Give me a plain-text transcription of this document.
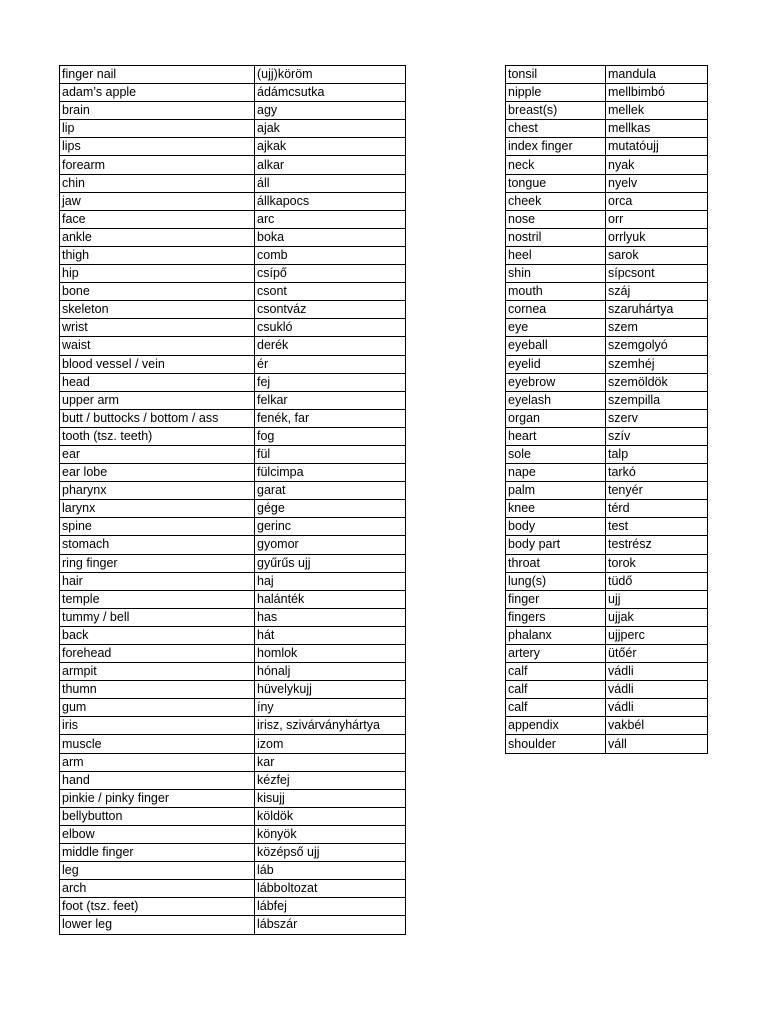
finger nail	(ujj)köröm
adam’s apple	ádámcsutka
brain	agy
lip	ajak
lips	ajkak
forearm	alkar
chin	áll
jaw	állkapocs
face	arc
ankle	boka
thigh	comb
hip	csípő
bone	csont
skeleton	csontváz
wrist	csukló
waist	derék
blood vessel / vein	ér
head	fej
upper arm	felkar
butt / buttocks / bottom / ass	fenék, far
tooth (tsz. teeth)	fog
ear	fül
ear lobe	fülcimpa
pharynx	garat
larynx	gége
spine	gerinc
stomach	gyomor
ring finger	gyűrűs ujj
hair	haj
temple	halánték
tummy / bell	has
back	hát
forehead	homlok
armpit	hónalj
thumn	hüvelykujj
gum	íny
iris	irisz, szivárványhártya
muscle	izom
arm	kar
hand	kézfej
pinkie / pinky finger	kisujj
bellybutton	köldök
elbow	könyök
middle finger	középső ujj
leg	láb
arch	lábboltozat
foot (tsz. feet)	lábfej
lower leg	lábszár
tonsil	mandula
nipple	mellbimbó
breast(s)	mellek
chest	mellkas
index finger	mutatóujj
neck	nyak
tongue	nyelv
cheek	orca
nose	orr
nostril	orrlyuk
heel	sarok
shin	sípcsont
mouth	száj
cornea	szaruhártya
eye	szem
eyeball	szemgolyó
eyelid	szemhéj
eyebrow	szemöldök
eyelash	szempilla
organ	szerv
heart	szív
sole	talp
nape	tarkó
palm	tenyér
knee	térd
body	test
body part	testrész
throat	torok
lung(s)	tüdő
finger	ujj
fingers	ujjak
phalanx	ujjperc
artery	ütőér
calf	vádli
calf	vádli
calf	vádli
appendix	vakbél
shoulder	váll
